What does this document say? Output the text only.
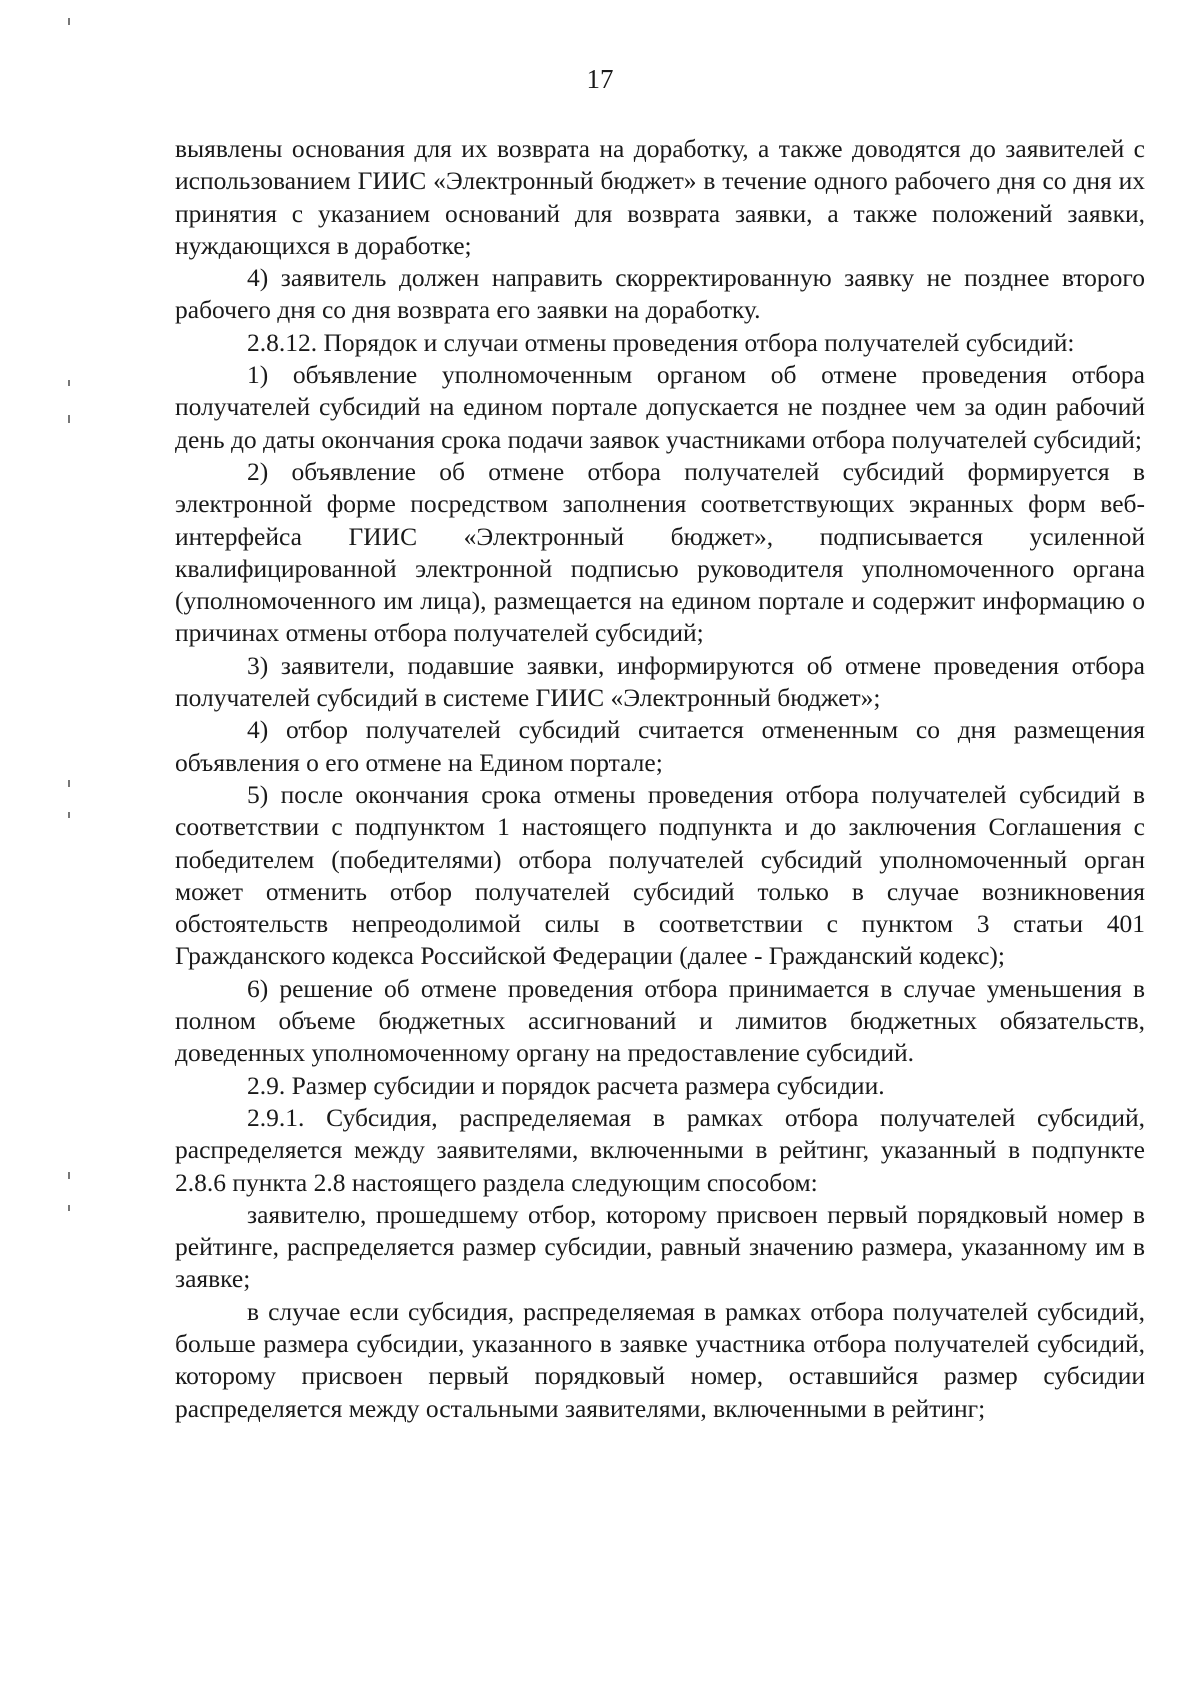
17

выявлены основания для их возврата на доработку, а также доводятся до заявителей с использованием ГИИС «Электронный бюджет» в течение одного рабочего дня со дня их принятия с указанием оснований для возврата заявки, а также положений заявки, нуждающихся в доработке;

4) заявитель должен направить скорректированную заявку не позднее второго рабочего дня со дня возврата его заявки на доработку.

2.8.12. Порядок и случаи отмены проведения отбора получателей субсидий:

1) объявление уполномоченным органом об отмене проведения отбора получателей субсидий на едином портале допускается не позднее чем за один рабочий день до даты окончания срока подачи заявок участниками отбора получателей субсидий;

2) объявление об отмене отбора получателей субсидий формируется в электронной форме посредством заполнения соответствующих экранных форм веб-интерфейса ГИИС «Электронный бюджет», подписывается усиленной квалифицированной электронной подписью руководителя уполномоченного органа (уполномоченного им лица), размещается на едином портале и содержит информацию о причинах отмены отбора получателей субсидий;

3) заявители, подавшие заявки, информируются об отмене проведения отбора получателей субсидий в системе ГИИС «Электронный бюджет»;

4) отбор получателей субсидий считается отмененным со дня размещения объявления о его отмене на Едином портале;

5) после окончания срока отмены проведения отбора получателей субсидий в соответствии с подпунктом 1 настоящего подпункта и до заключения Соглашения с победителем (победителями) отбора получателей субсидий уполномоченный орган может отменить отбор получателей субсидий только в случае возникновения обстоятельств непреодолимой силы в соответствии с пунктом 3 статьи 401 Гражданского кодекса Российской Федерации (далее - Гражданский кодекс);

6) решение об отмене проведения отбора принимается в случае уменьшения в полном объеме бюджетных ассигнований и лимитов бюджетных обязательств, доведенных уполномоченному органу на предоставление субсидий.

2.9. Размер субсидии и порядок расчета размера субсидии.

2.9.1. Субсидия, распределяемая в рамках отбора получателей субсидий, распределяется между заявителями, включенными в рейтинг, указанный в подпункте 2.8.6 пункта 2.8 настоящего раздела следующим способом:

заявителю, прошедшему отбор, которому присвоен первый порядковый номер в рейтинге, распределяется размер субсидии, равный значению размера, указанному им в заявке;

в случае если субсидия, распределяемая в рамках отбора получателей субсидий, больше размера субсидии, указанного в заявке участника отбора получателей субсидий, которому присвоен первый порядковый номер, оставшийся размер субсидии распределяется между остальными заявителями, включенными в рейтинг;
